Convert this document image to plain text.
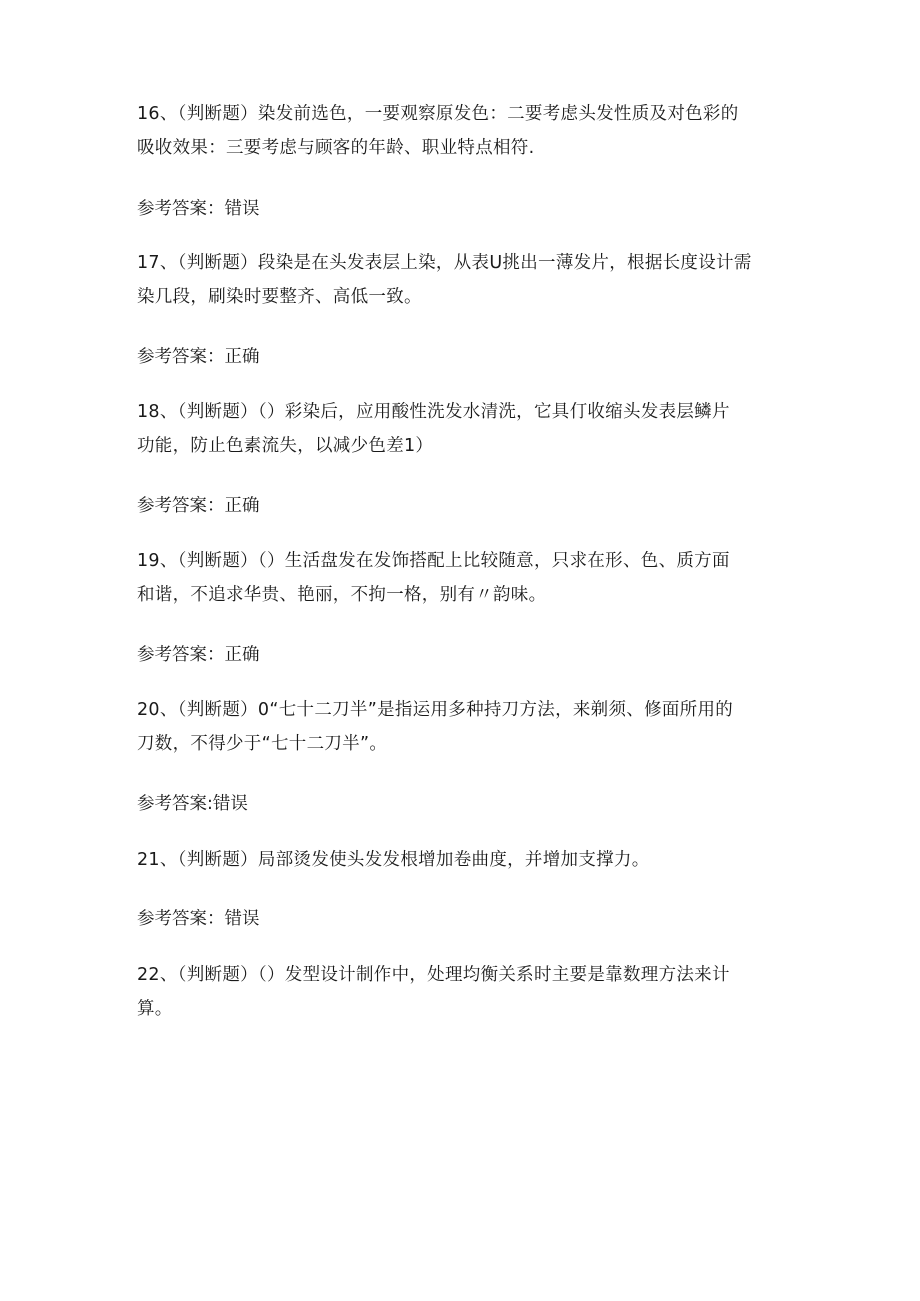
16、（判断题）染发前选色，一要观察原发色：二要考虑头发性质及对色彩的
吸收效果：三要考虑与顾客的年龄、职业特点相符.
参考答案：错误
17、（判断题）段染是在头发表层上染，从表U挑出一薄发片，根据长度设计需
染几段，刷染时要整齐、高低一致。
参考答案：正确
18、（判断题）（）彩染后，应用酸性洗发水清洗，它具仃收缩头发表层鳞片
功能，防止色素流失，以减少色差1）
参考答案：正确
19、（判断题）（）生活盘发在发饰搭配上比较随意，只求在形、色、质方面
和谐，不追求华贵、艳丽，不拘一格，别有〃韵味。
参考答案：正确
20、（判断题）0“七十二刀半”是指运用多种持刀方法，来剃须、修面所用的
刀数，不得少于“七十二刀半”。
参考答案:错误
21、（判断题）局部烫发使头发发根增加卷曲度，并增加支撑力。
参考答案：错误
22、（判断题）（）发型设计制作中，处理均衡关系时主要是靠数理方法来计
算。
